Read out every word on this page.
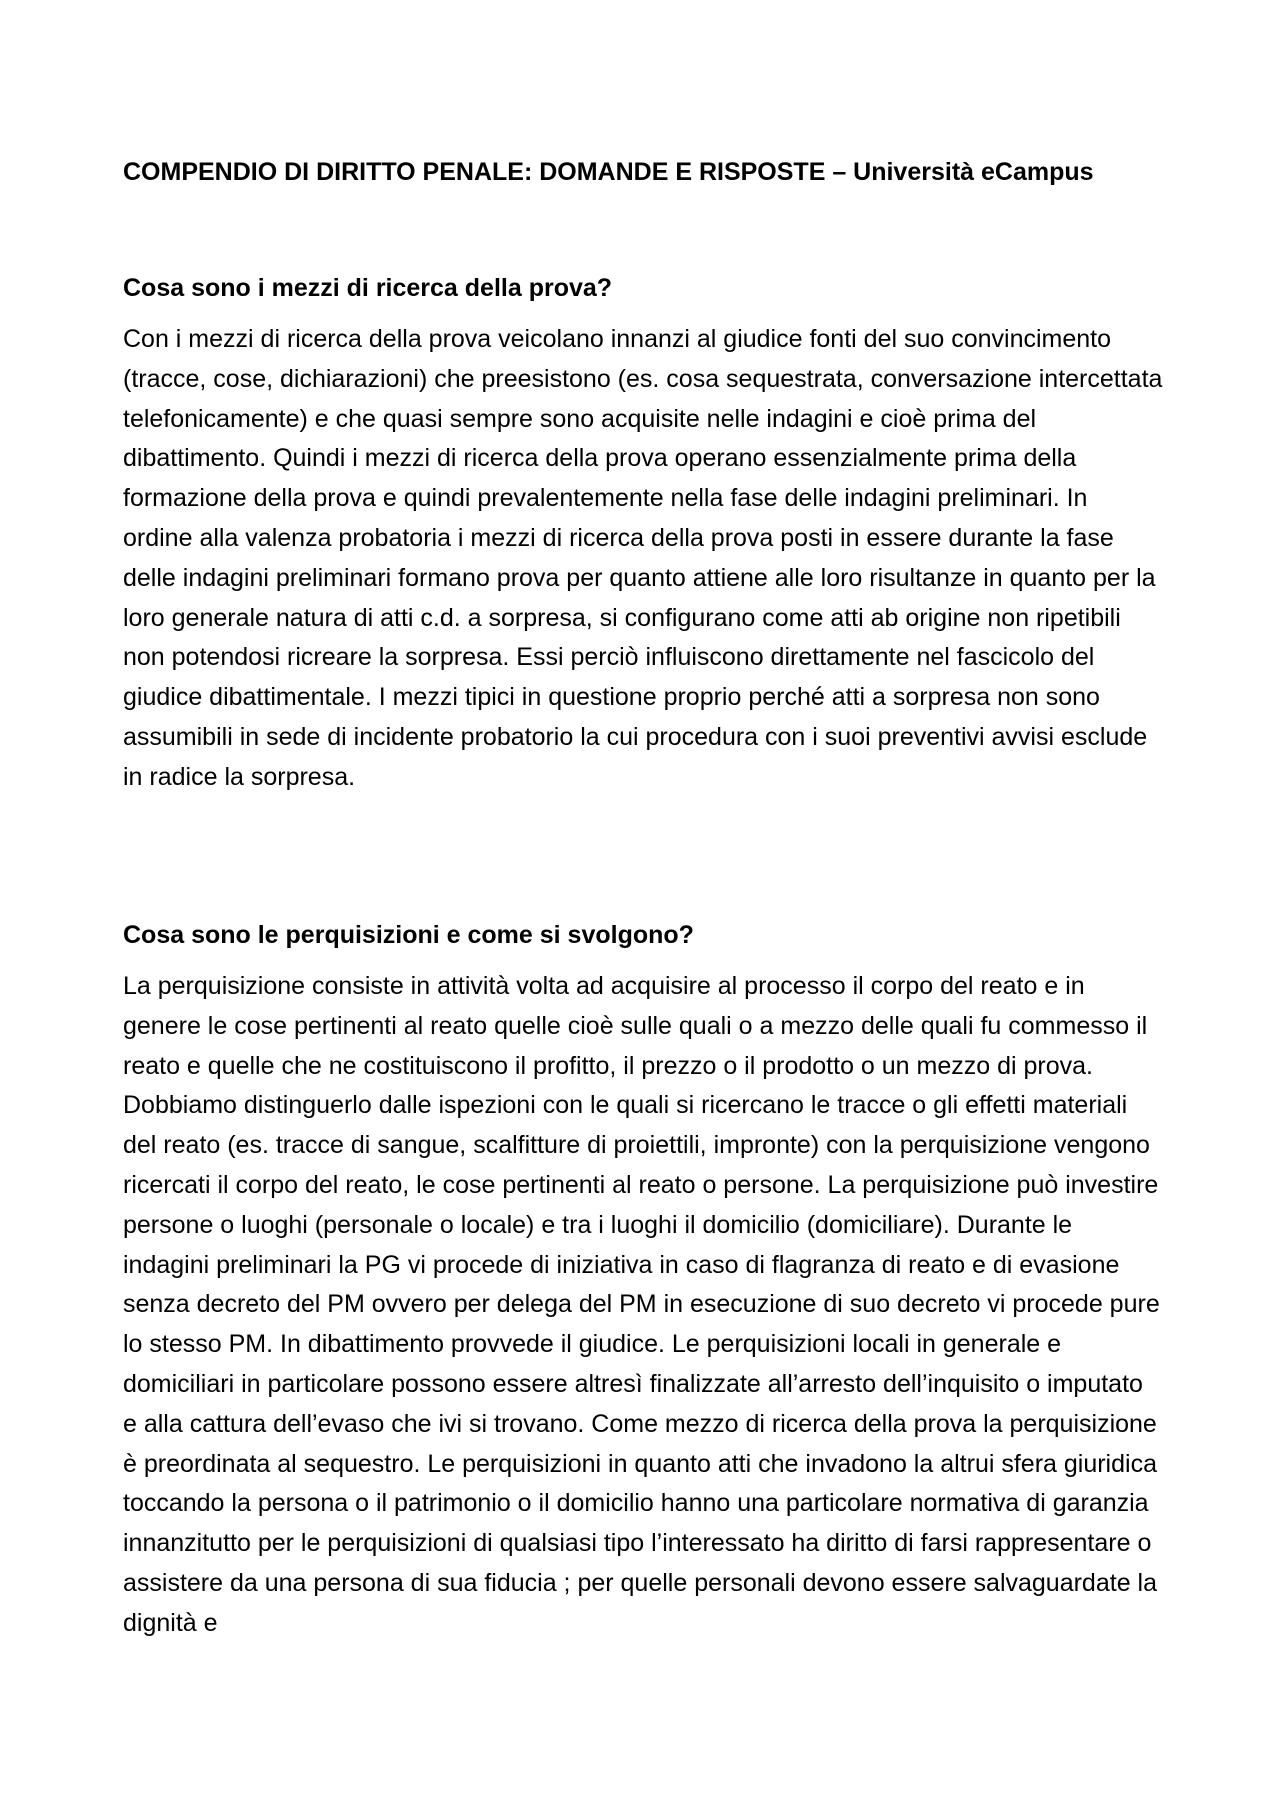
COMPENDIO DI DIRITTO PENALE: DOMANDE E RISPOSTE – Università eCampus
Cosa sono i mezzi di ricerca della prova?

Con i mezzi di ricerca della prova veicolano innanzi al giudice fonti del suo convincimento (tracce, cose, dichiarazioni) che preesistono (es. cosa sequestrata, conversazione intercettata telefonicamente) e che quasi sempre sono acquisite nelle indagini e cioè prima del dibattimento. Quindi i mezzi di ricerca della prova operano essenzialmente prima della formazione della prova e quindi prevalentemente nella fase delle indagini preliminari. In ordine alla valenza probatoria i mezzi di ricerca della prova posti in essere durante la fase delle indagini preliminari formano prova per quanto attiene alle loro risultanze in quanto per la loro generale natura di atti c.d. a sorpresa, si configurano come atti ab origine non ripetibili non potendosi ricreare la sorpresa. Essi perciò influiscono direttamente nel fascicolo del giudice dibattimentale. I mezzi tipici in questione proprio perché atti a sorpresa non sono assumibili in sede di incidente probatorio la cui procedura con i suoi preventivi avvisi esclude in radice la sorpresa.

Cosa sono le perquisizioni e come si svolgono?

La perquisizione consiste in attività volta ad acquisire al processo il corpo del reato e in genere le cose pertinenti al reato quelle cioè sulle quali o a mezzo delle quali fu commesso il reato e quelle che ne costituiscono il profitto, il prezzo o il prodotto o un mezzo di prova. Dobbiamo distinguerlo dalle ispezioni con le quali si ricercano le tracce o gli effetti materiali del reato (es. tracce di sangue, scalfitture di proiettili, impronte) con la perquisizione vengono ricercati il corpo del reato, le cose pertinenti al reato o persone. La perquisizione può investire persone o luoghi (personale o locale) e tra i luoghi il domicilio (domiciliare). Durante le indagini preliminari la PG vi procede di iniziativa in caso di flagranza di reato e di evasione senza decreto del PM ovvero per delega del PM in esecuzione di suo decreto vi procede pure lo stesso PM. In dibattimento provvede il giudice. Le perquisizioni locali in generale e domiciliari in particolare possono essere altresì finalizzate all’arresto dell’inquisito o imputato e alla cattura dell’evaso che ivi si trovano. Come mezzo di ricerca della prova la perquisizione è preordinata al sequestro. Le perquisizioni in quanto atti che invadono la altrui sfera giuridica toccando la persona o il patrimonio o il domicilio hanno una particolare normativa di garanzia innanzitutto per le perquisizioni di qualsiasi tipo l’interessato ha diritto di farsi rappresentare o assistere da una persona di sua fiducia ; per quelle personali devono essere salvaguardate la dignità e
